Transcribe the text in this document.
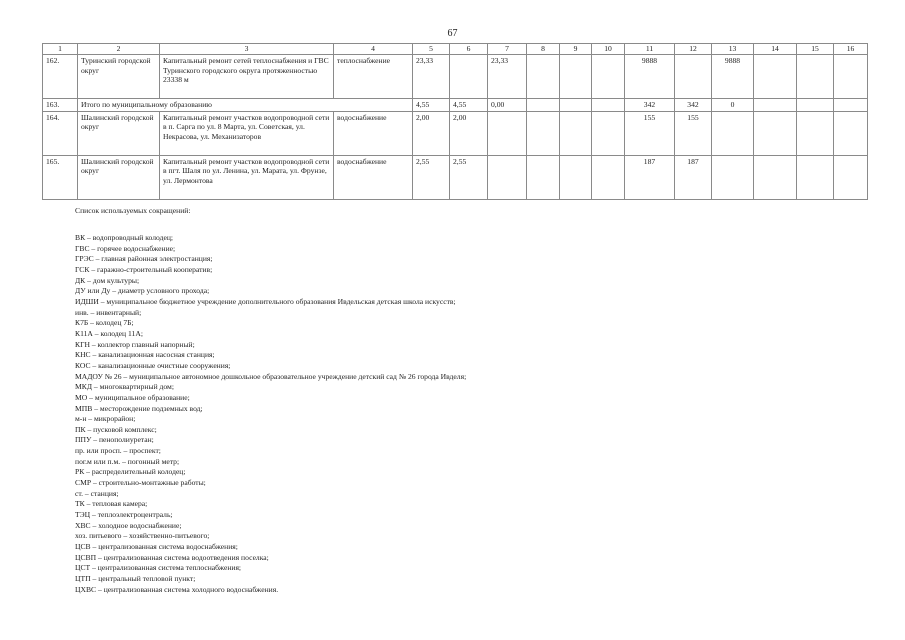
67
1	2	3	4	5	6	7	8	9	10	11	12	13	14	15	16
162.	Туринский городской округ	Капитальный ремонт сетей теплоснабжения и ГВС Туринского городского округа протяженностью 23338 м	теплоснабжение	23,33		23,33				9888		9888			
163.	Итого по муниципальному образованию			4,55	4,55	0,00				342	342	0			
164.	Шалинский городской округ	Капитальный ремонт участков водопроводной сети в п. Сарга по ул. 8 Марта, ул. Советская, ул. Некрасова, ул. Механизаторов	водоснабжение	2,00	2,00					155	155				
165.	Шалинский городской округ	Капитальный ремонт участков водопроводной сети в пгт. Шаля по ул. Ленина, ул. Марата, ул. Фрунзе, ул. Лермонтова	водоснабжение	2,55	2,55					187	187				
Список используемых сокращений:
ВК – водопроводный колодец;
ГВС – горячее водоснабжение;
ГРЭС – главная районная электростанция;
ГСК – гаражно-строительный кооператив;
ДК – дом культуры;
ДУ или Ду – диаметр условного прохода;
ИДШИ – муниципальное бюджетное учреждение дополнительного образования Ивдельская детская школа искусств;
инв. – инвентарный;
К7Б – колодец 7Б;
К11А – колодец 11А;
КГН – коллектор главный напорный;
КНС – канализационная насосная станция;
КОС – канализационные очистные сооружения;
МАДОУ № 26 – муниципальное автономное дошкольное образовательное учреждение детский сад № 26 города Ивделя;
МКД – многоквартирный дом;
МО – муниципальное образование;
МПВ – месторождение подземных вод;
м-н – микрорайон;
ПК – пусковой комплекс;
ППУ – пенополиуретан;
пр. или просп. – проспект;
пог.м или п.м. – погонный метр;
РК – распределительный колодец;
СМР – строительно-монтажные работы;
ст. – станция;
ТК – тепловая камера;
ТЭЦ – теплоэлектроцентраль;
ХВС – холодное водоснабжение;
хоз. питьевого – хозяйственно-питьевого;
ЦСВ – централизованная система водоснабжения;
ЦСВП – централизованная система водоотведения поселка;
ЦСТ – централизованная система теплоснабжения;
ЦТП – центральный тепловой пункт;
ЦХВС – централизованная система холодного водоснабжения.
